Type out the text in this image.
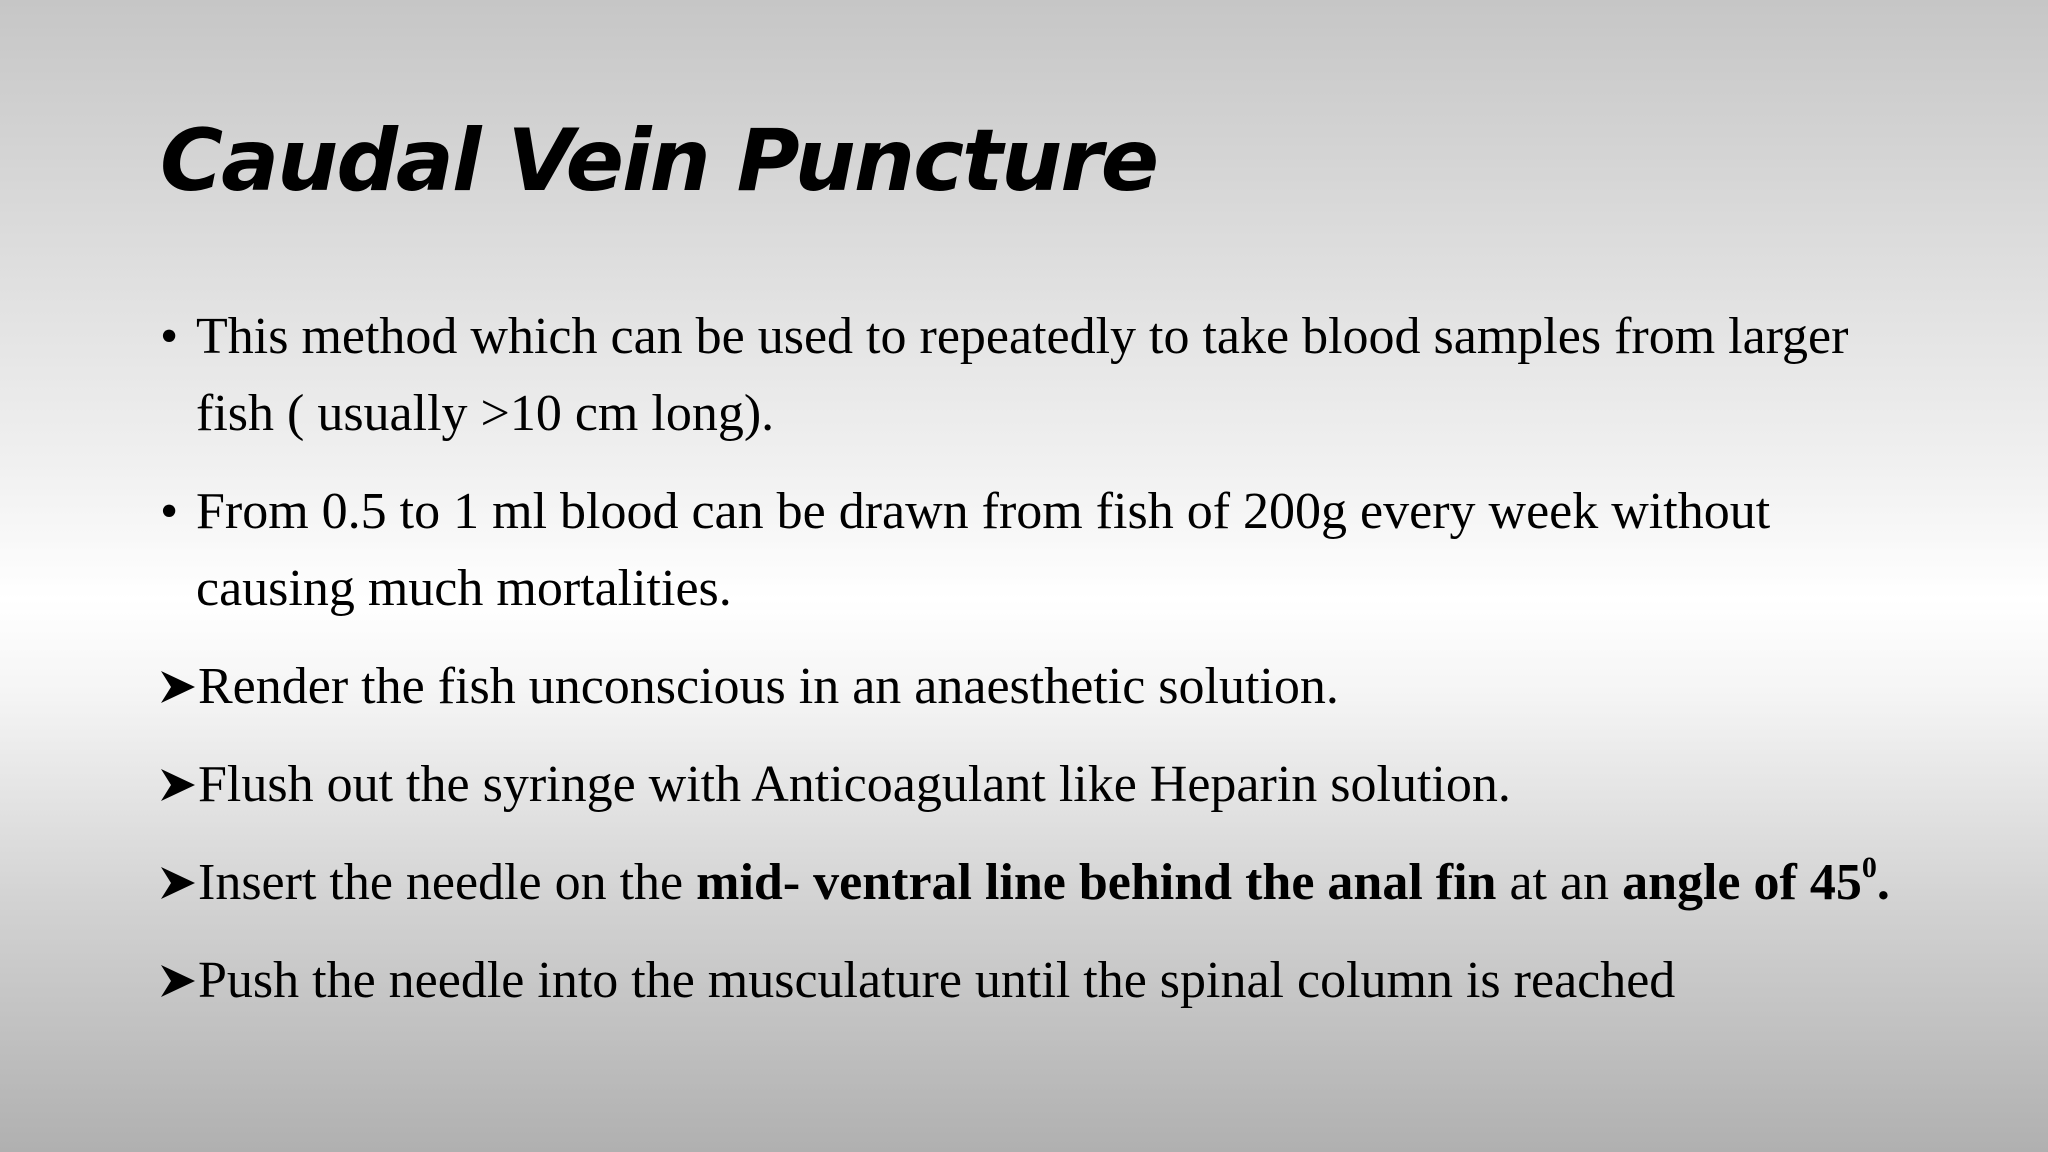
Caudal Vein Puncture
• This method which can be used to repeatedly to take blood samples from larger fish ( usually >10 cm long).
• From 0.5 to 1 ml blood can be drawn from fish of 200g every week without causing much mortalities.
Render the fish unconscious in an anaesthetic solution.
Flush out the syringe with Anticoagulant like Heparin solution.
Insert the needle on the mid- ventral line behind the anal fin at an angle of $45^0$.
Push the needle into the musculature until the spinal column is reached
